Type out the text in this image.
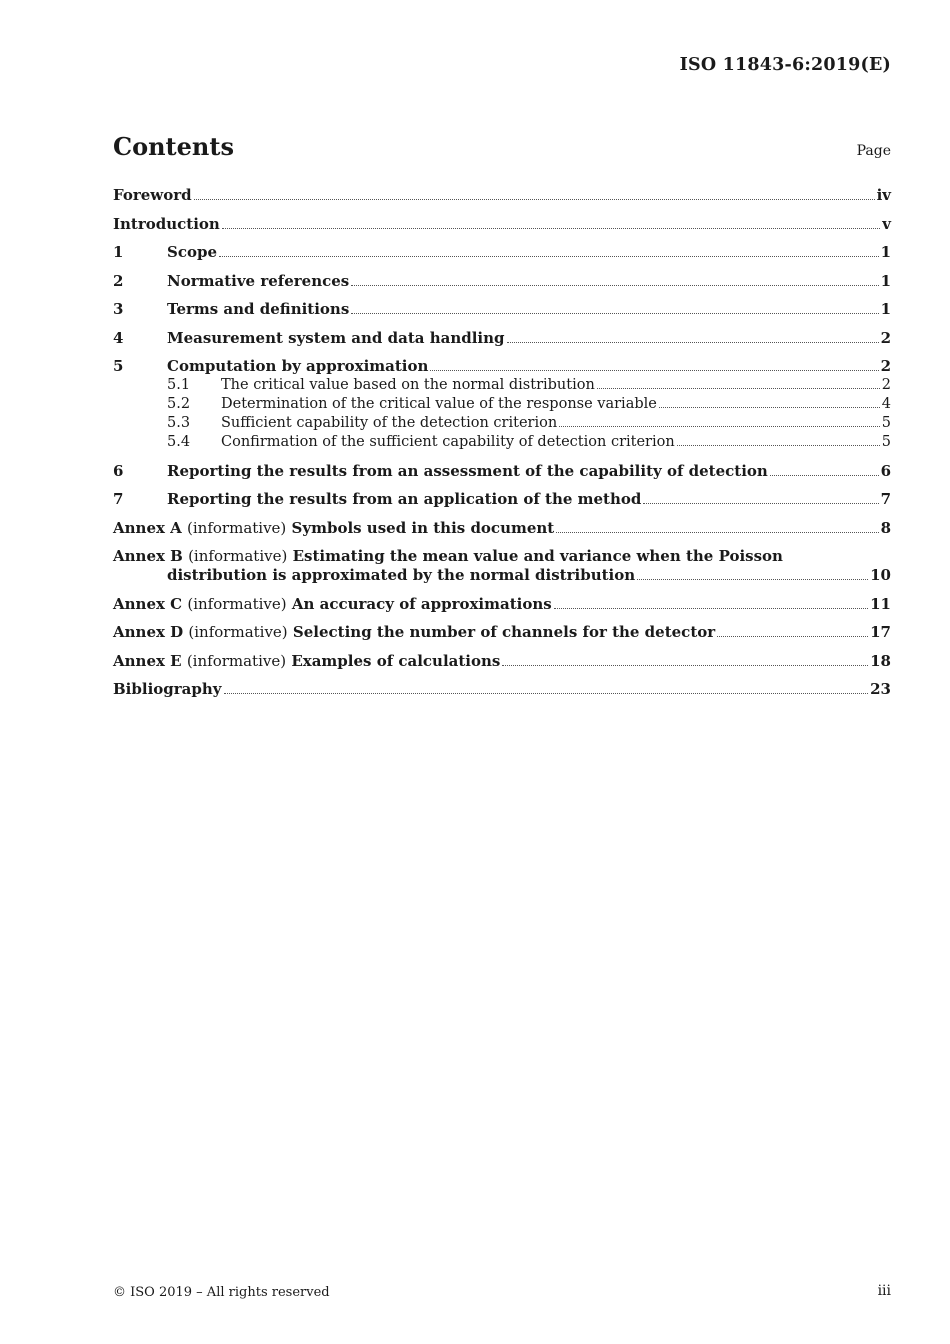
ISO 11843-6:2019(E)
Contents	Page
Foreword	iv
Introduction	v
1	Scope	1
2	Normative references	1
3	Terms and definitions	1
4	Measurement system and data handling	2
5	Computation by approximation	2
5.1	The critical value based on the normal distribution	2
5.2	Determination of the critical value of the response variable	4
5.3	Sufficient capability of the detection criterion	5
5.4	Confirmation of the sufficient capability of detection criterion	5
6	Reporting the results from an assessment of the capability of detection	6
7	Reporting the results from an application of the method	7
Annex A (informative) Symbols used in this document	8
Annex B (informative) Estimating the mean value and variance when the Poisson
distribution is approximated by the normal distribution	10
Annex C (informative) An accuracy of approximations	11
Annex D (informative) Selecting the number of channels for the detector	17
Annex E (informative) Examples of calculations	18
Bibliography	23
© ISO 2019 – All rights reserved	iii
